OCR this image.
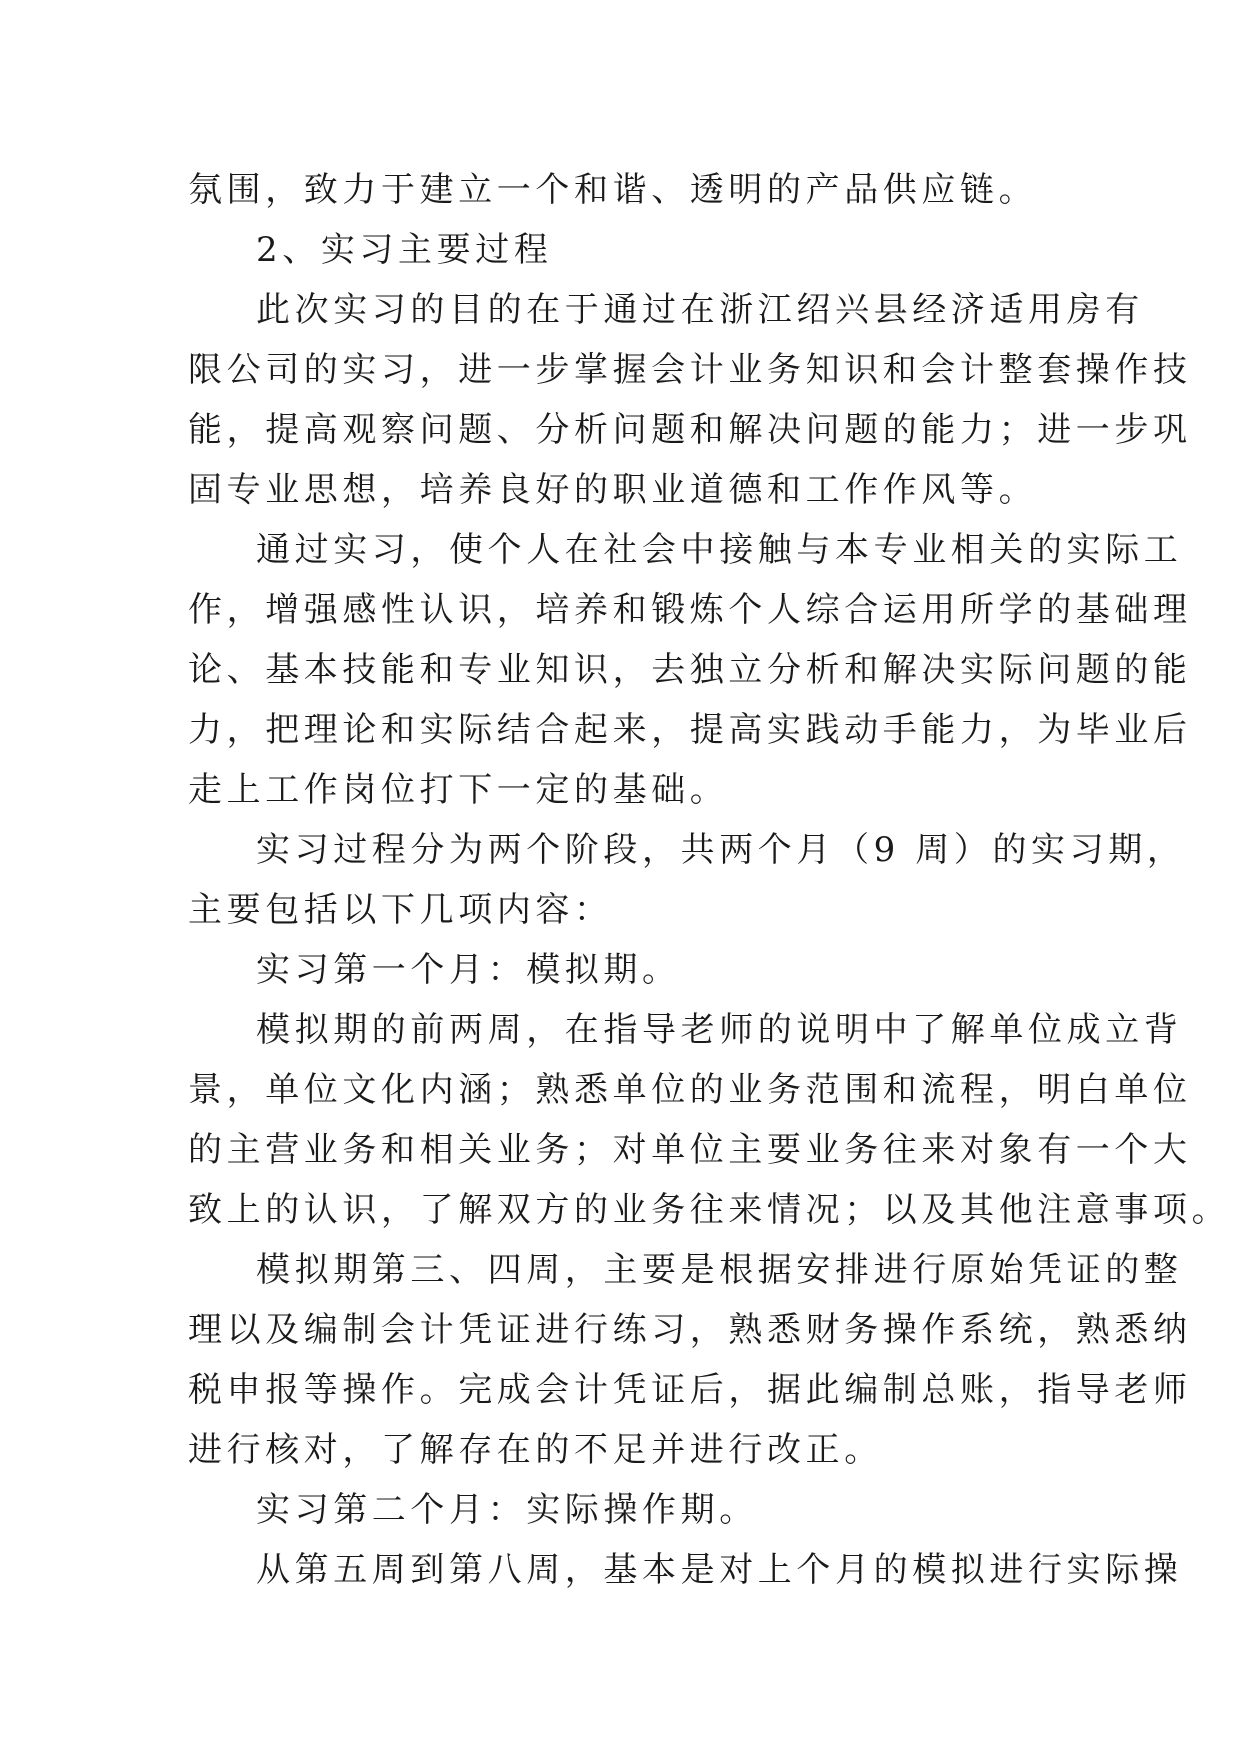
氛围，致力于建立一个和谐、透明的产品供应链。
2、实习主要过程
此次实习的目的在于通过在浙江绍兴县经济适用房有
限公司的实习，进一步掌握会计业务知识和会计整套操作技
能，提高观察问题、分析问题和解决问题的能力；进一步巩
固专业思想，培养良好的职业道德和工作作风等。
通过实习，使个人在社会中接触与本专业相关的实际工
作，增强感性认识，培养和锻炼个人综合运用所学的基础理
论、基本技能和专业知识，去独立分析和解决实际问题的能
力，把理论和实际结合起来，提高实践动手能力，为毕业后
走上工作岗位打下一定的基础。
实习过程分为两个阶段，共两个月（9 周）的实习期，
主要包括以下几项内容：
实习第一个月：模拟期。
模拟期的前两周，在指导老师的说明中了解单位成立背
景，单位文化内涵；熟悉单位的业务范围和流程，明白单位
的主营业务和相关业务；对单位主要业务往来对象有一个大
致上的认识，了解双方的业务往来情况；以及其他注意事项。
模拟期第三、四周，主要是根据安排进行原始凭证的整
理以及编制会计凭证进行练习，熟悉财务操作系统，熟悉纳
税申报等操作。完成会计凭证后，据此编制总账，指导老师
进行核对，了解存在的不足并进行改正。
实习第二个月：实际操作期。
从第五周到第八周，基本是对上个月的模拟进行实际操
